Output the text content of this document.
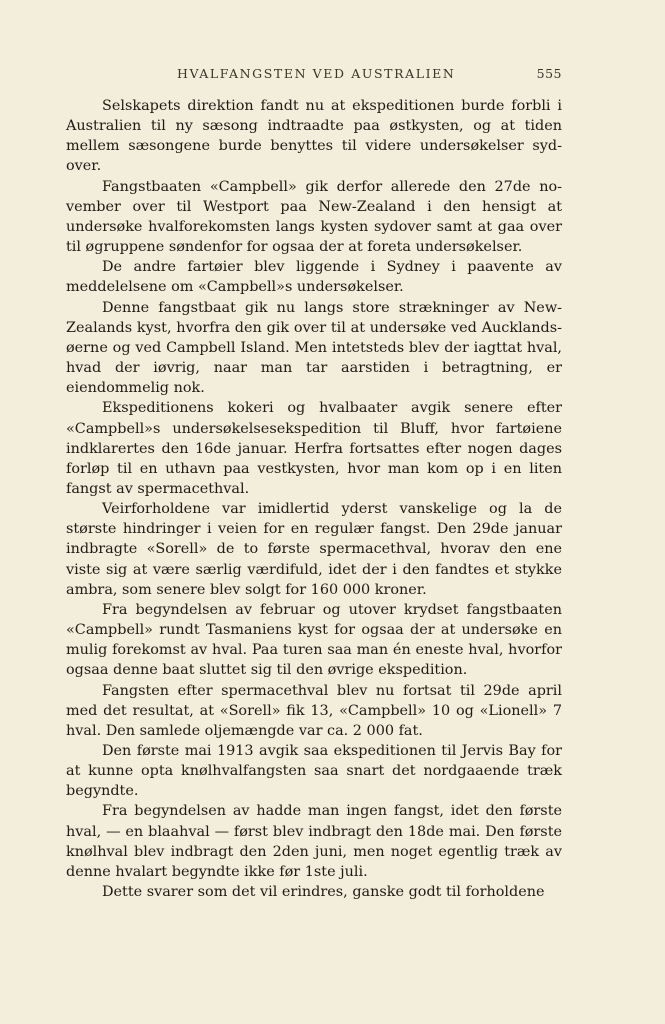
HVALFANGSTEN VED AUSTRALIEN	555

Selskapets direktion fandt nu at ekspeditionen burde forbli i Australien til ny sæsong indtraadte paa østkysten, og at tiden mellem sæsongene burde benyttes til videre undersøkelser syd-over.

Fangstbaaten «Campbell» gik derfor allerede den 27de no-vember over til Westport paa New-Zealand i den hensigt at undersøke hvalforekomsten langs kysten sydover samt at gaa over til øgruppene søndenfor for ogsaa der at foreta undersøkelser.

De andre fartøier blev liggende i Sydney i paavente av meddelelsene om «Campbell»s undersøkelser.

Denne fangstbaat gik nu langs store strækninger av New-Zealands kyst, hvorfra den gik over til at undersøke ved Aucklands-øerne og ved Campbell Island. Men intetsteds blev der iagttat hval, hvad der iøvrig, naar man tar aarstiden i betragtning, er eiendommelig nok.

Ekspeditionens kokeri og hvalbaater avgik senere efter «Campbell»s undersøkelsesekspedition til Bluff, hvor fartøiene indklarertes den 16de januar. Herfra fortsattes efter nogen dages forløp til en uthavn paa vestkysten, hvor man kom op i en liten fangst av spermacethval.

Veirforholdene var imidlertid yderst vanskelige og la de største hindringer i veien for en regulær fangst. Den 29de januar indbragte «Sorell» de to første spermacethval, hvorav den ene viste sig at være særlig værdifuld, idet der i den fandtes et stykke ambra, som senere blev solgt for 160 000 kroner.

Fra begyndelsen av februar og utover krydset fangstbaaten «Campbell» rundt Tasmaniens kyst for ogsaa der at undersøke en mulig forekomst av hval. Paa turen saa man én eneste hval, hvorfor ogsaa denne baat sluttet sig til den øvrige ekspedition.

Fangsten efter spermacethval blev nu fortsat til 29de april med det resultat, at «Sorell» fik 13, «Campbell» 10 og «Lionell» 7 hval. Den samlede oljemængde var ca. 2 000 fat.

Den første mai 1913 avgik saa ekspeditionen til Jervis Bay for at kunne opta knølhvalfangsten saa snart det nordgaaende træk begyndte.

Fra begyndelsen av hadde man ingen fangst, idet den første hval, — en blaahval — først blev indbragt den 18de mai. Den første knølhval blev indbragt den 2den juni, men noget egentlig træk av denne hvalart begyndte ikke før 1ste juli.

Dette svarer som det vil erindres, ganske godt til forholdene
